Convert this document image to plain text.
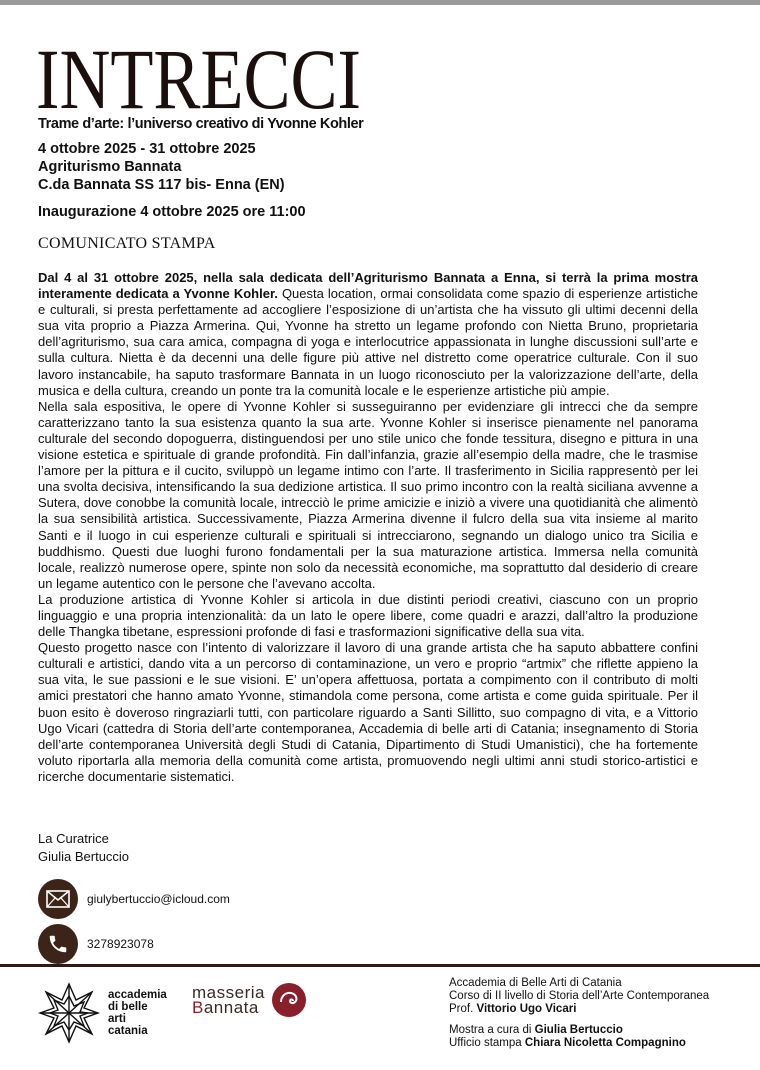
INTRECCI
Trame d’arte: l’universo creativo di Yvonne Kohler
4 ottobre 2025 - 31 ottobre 2025
Agriturismo Bannata
C.da Bannata SS 117 bis- Enna (EN)
Inaugurazione 4 ottobre 2025 ore 11:00
COMUNICATO STAMPA

Dal 4 al 31 ottobre 2025, nella sala dedicata dell’Agriturismo Bannata a Enna, si terrà la prima mostra interamente dedicata a Yvonne Kohler. Questa location, ormai consolidata come spazio di esperienze artistiche e culturali, si presta perfettamente ad accogliere l’esposizione di un’artista che ha vissuto gli ultimi decenni della sua vita proprio a Piazza Armerina. Qui, Yvonne ha stretto un legame profondo con Nietta Bruno, proprietaria dell’agriturismo, sua cara amica, compagna di yoga e interlocutrice appassionata in lunghe discussioni sull’arte e sulla cultura. Nietta è da decenni una delle figure più attive nel distretto come operatrice culturale. Con il suo lavoro instancabile, ha saputo trasformare Bannata in un luogo riconosciuto per la valorizzazione dell’arte, della musica e della cultura, creando un ponte tra la comunità locale e le esperienze artistiche più ampie.

Nella sala espositiva, le opere di Yvonne Kohler si susseguiranno per evidenziare gli intrecci che da sempre caratterizzano tanto la sua esistenza quanto la sua arte. Yvonne Kohler si inserisce pienamente nel panorama culturale del secondo dopoguerra, distinguendosi per uno stile unico che fonde tessitura, disegno e pittura in una visione estetica e spirituale di grande profondità. Fin dall’infanzia, grazie all’esempio della madre, che le trasmise l’amore per la pittura e il cucito, sviluppò un legame intimo con l’arte. Il trasferimento in Sicilia rappresentò per lei una svolta decisiva, intensificando la sua dedizione artistica. Il suo primo incontro con la realtà siciliana avvenne a Sutera, dove conobbe la comunità locale, intrecciò le prime amicizie e iniziò a vivere una quotidianità che alimentò la sua sensibilità artistica. Successivamente, Piazza Armerina divenne il fulcro della sua vita insieme al marito Santi e il luogo in cui esperienze culturali e spirituali si intrecciarono, segnando un dialogo unico tra Sicilia e buddhismo. Questi due luoghi furono fondamentali per la sua maturazione artistica. Immersa nella comunità locale, realizzò numerose opere, spinte non solo da necessità economiche, ma soprattutto dal desiderio di creare un legame autentico con le persone che l’avevano accolta.

La produzione artistica di Yvonne Kohler si articola in due distinti periodi creativi, ciascuno con un proprio linguaggio e una propria intenzionalità: da un lato le opere libere, come quadri e arazzi, dall’altro la produzione delle Thangka tibetane, espressioni profonde di fasi e trasformazioni significative della sua vita.

Questo progetto nasce con l’intento di valorizzare il lavoro di una grande artista che ha saputo abbattere confini culturali e artistici, dando vita a un percorso di contaminazione, un vero e proprio “artmix” che riflette appieno la sua vita, le sue passioni e le sue visioni. E’ un’opera affettuosa, portata a compimento con il contributo di molti amici prestatori che hanno amato Yvonne, stimandola come persona, come artista e come guida spirituale. Per il buon esito è doveroso ringraziarli tutti, con particolare riguardo a Santi Sillitto, suo compagno di vita, e a Vittorio Ugo Vicari (cattedra di Storia dell’arte contemporanea, Accademia di belle arti di Catania; insegnamento di Storia dell’arte contemporanea Università degli Studi di Catania, Dipartimento di Studi Umanistici), che ha fortemente voluto riportarla alla memoria della comunità come artista, promuovendo negli ultimi anni studi storico-artistici e ricerche documentarie sistematici.

La Curatrice
Giulia Bertuccio
giulybertuccio@icloud.com
3278923078
accademia
di belle
arti
catania
masseria
Bannata
Accademia di Belle Arti di Catania
Corso di II livello di Storia dell’Arte Contemporanea
Prof. Vittorio Ugo Vicari
Mostra a cura di Giulia Bertuccio
Ufficio stampa Chiara Nicoletta Compagnino
